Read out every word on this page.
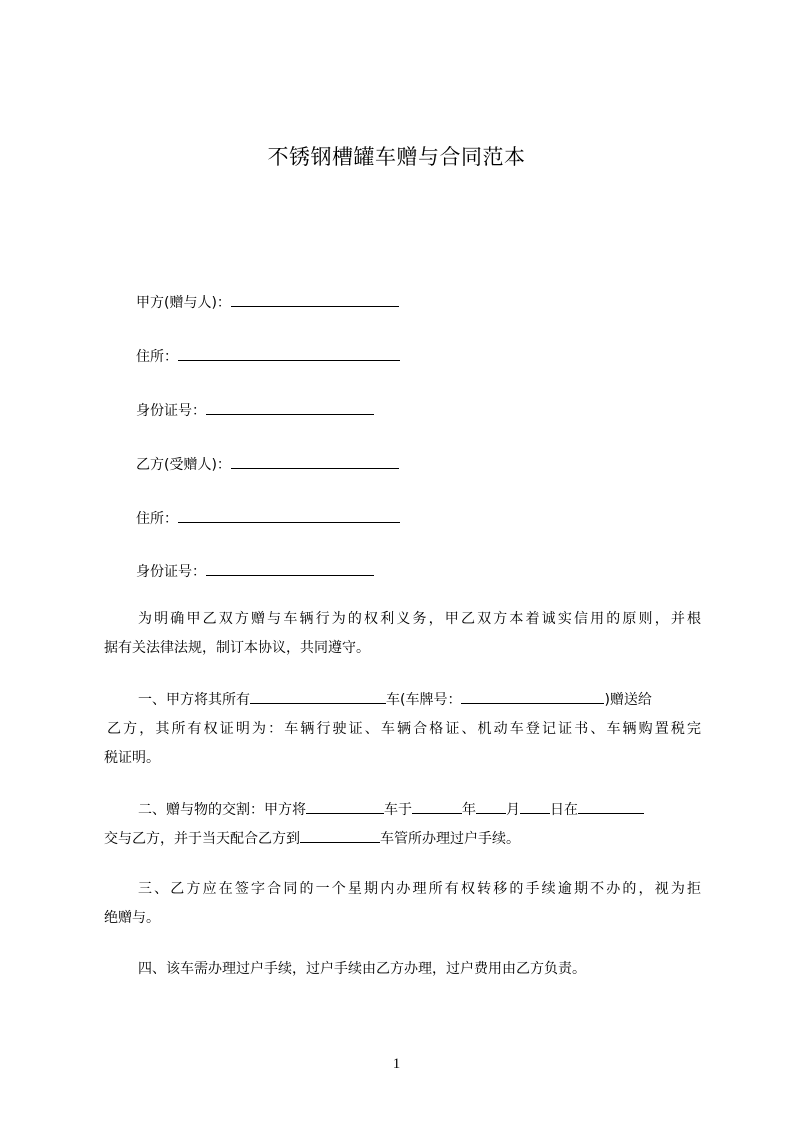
不锈钢槽罐车赠与合同范本
甲方(赠与人)：
住所：
身份证号：
乙方(受赠人)：
住所：
身份证号：
为明确甲乙双方赠与车辆行为的权利义务，甲乙双方本着诚实信用的原则，并根
据有关法律法规，制订本协议，共同遵守。
一、甲方将其所有	车(车牌号：	)赠送给
乙方，其所有权证明为：车辆行驶证、车辆合格证、机动车登记证书、车辆购置税完
税证明。
二、赠与物的交割：甲方将	车于	年 月 日在
交与乙方，并于当天配合乙方到	车管所办理过户手续。
三、乙方应在签字合同的一个星期内办理所有权转移的手续逾期不办的，视为拒
绝赠与。
四、该车需办理过户手续，过户手续由乙方办理，过户费用由乙方负责。
1
